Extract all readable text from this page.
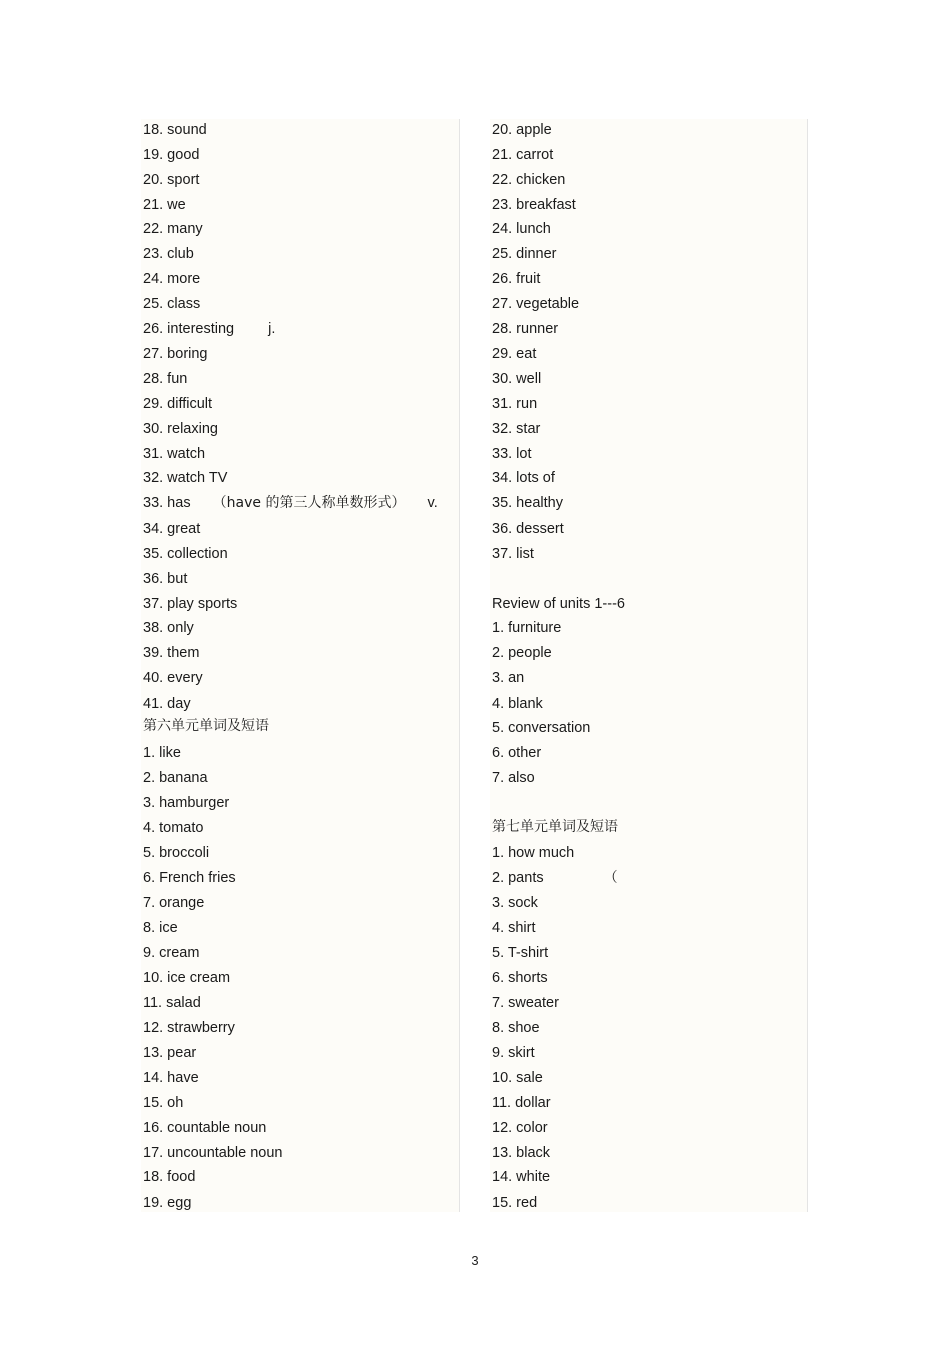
18. sound
19. good
20. sport
21. we
22. many
23. club
24. more
25. class
26. interesting j.
27. boring
28. fun
29. difficult
30. relaxing
31. watch
32. watch TV
33. has （have 的第三人称单数形式） v.
34. great
35. collection
36. but
37. play sports
38. only
39. them
40. every
41. day
第六单元单词及短语
1. like
2. banana
3. hamburger
4. tomato
5. broccoli
6. French fries
7. orange
8. ice
9. cream
10. ice cream
11. salad
12. strawberry
13. pear
14. have
15. oh
16. countable noun
17. uncountable noun
18. food
19. egg
20. apple
21. carrot
22. chicken
23. breakfast
24. lunch
25. dinner
26. fruit
27. vegetable
28. runner
29. eat
30. well
31. run
32. star
33. lot
34. lots of
35. healthy
36. dessert
37. list
Review of units 1---6
1. furniture
2. people
3. an
4. blank
5. conversation
6. other
7. also
第七单元单词及短语
1. how much
2. pants	（
3. sock
4. shirt
5. T-shirt
6. shorts
7. sweater
8. shoe
9. skirt
10. sale
11. dollar
12. color
13. black
14. white
15. red
3
